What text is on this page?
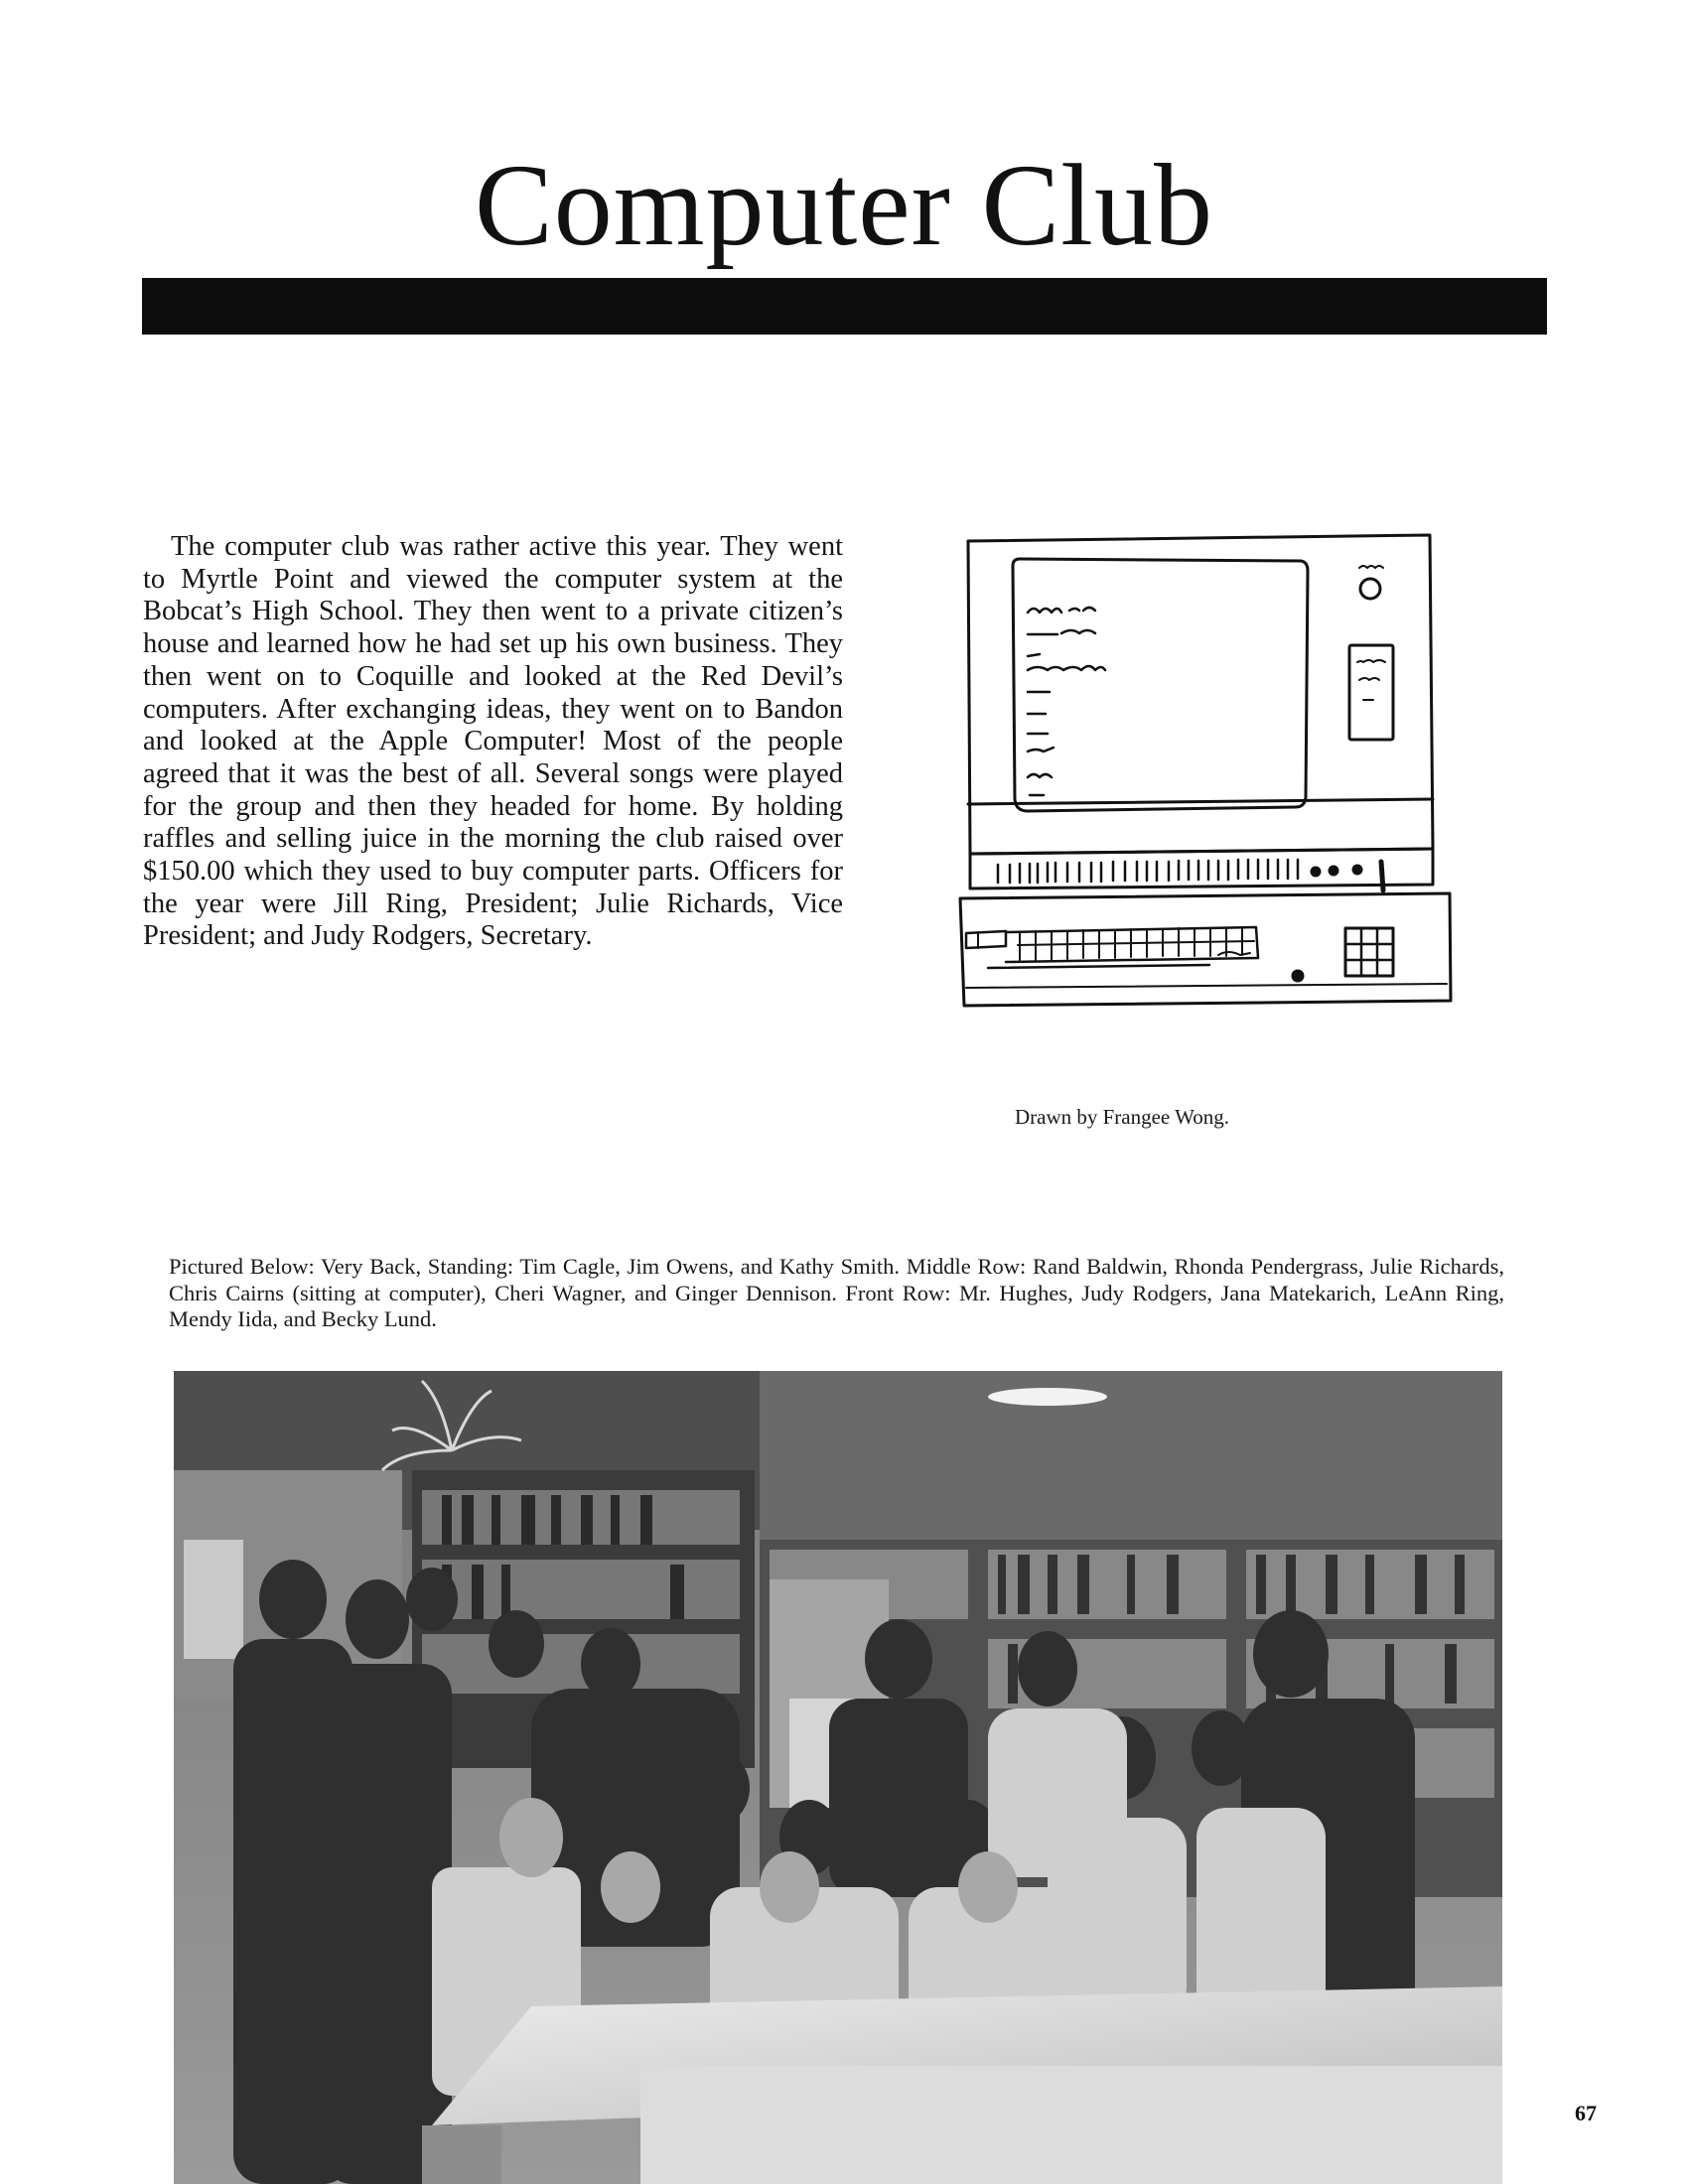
Computer Club

The computer club was rather active this year. They went to Myrtle Point and viewed the computer system at the Bobcat’s High School. They then went to a private citizen’s house and learned how he had set up his own business. They then went on to Coquille and looked at the Red Devil’s computers. After exchanging ideas, they went on to Bandon and looked at the Apple Computer! Most of the people agreed that it was the best of all. Several songs were played for the group and then they headed for home. By holding raffles and selling juice in the morning the club raised over $150.00 which they used to buy computer parts. Officers for the year were Jill Ring, President; Julie Richards, Vice President; and Judy Rodgers, Secretary.

Drawn by Frangee Wong.

Pictured Below: Very Back, Standing: Tim Cagle, Jim Owens, and Kathy Smith. Middle Row: Rand Baldwin, Rhonda Pendergrass, Julie Richards, Chris Cairns (sitting at computer), Cheri Wagner, and Ginger Dennison. Front Row: Mr. Hughes, Judy Rodgers, Jana Matekarich, LeAnn Ring, Mendy Iida, and Becky Lund.

67
